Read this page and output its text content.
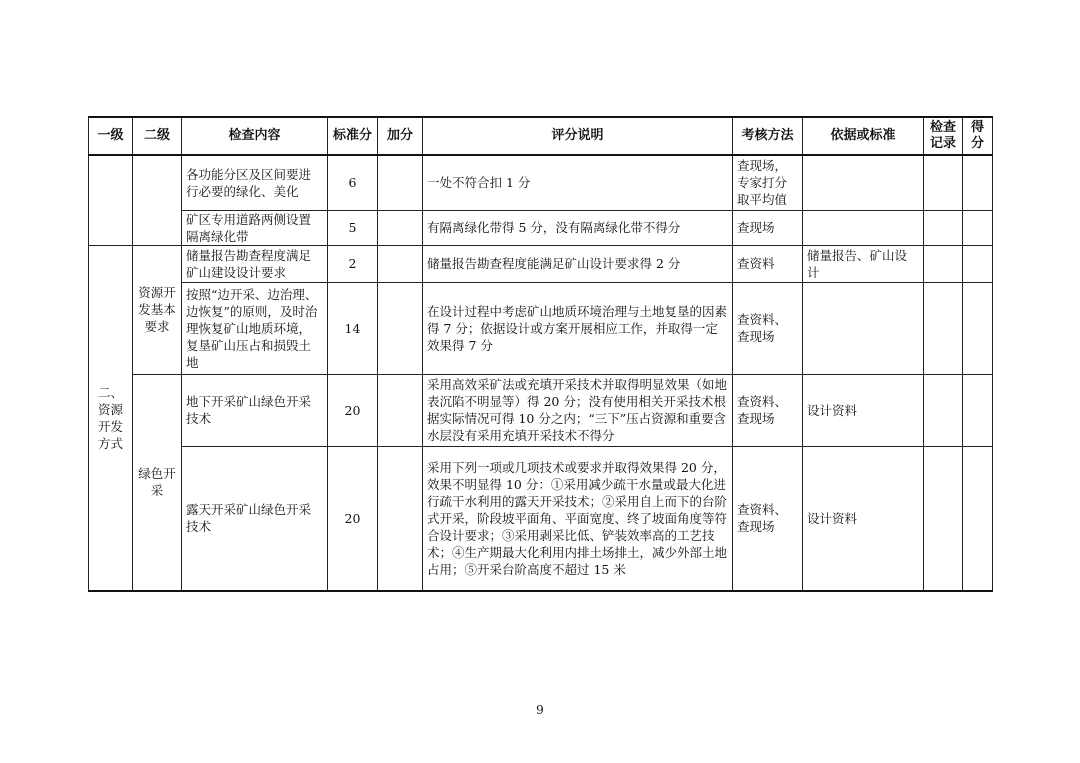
一级	二级	检查内容	标准分	加分	评分说明	考核方法	依据或标准	检查记录	得分
		各功能分区及区间要进行必要的绿化、美化	6		一处不符合扣 1 分	查现场，专家打分取平均值			
		矿区专用道路两侧设置隔离绿化带	5		有隔离绿化带得 5 分，没有隔离绿化带不得分	查现场			
二、资源开发方式	资源开发基本要求	储量报告勘查程度满足矿山建设设计要求	2		储量报告勘查程度能满足矿山设计要求得 2 分	查资料	储量报告、矿山设计		
		按照“边开采、边治理、边恢复”的原则，及时治理恢复矿山地质环境，复垦矿山压占和损毁土地	14		在设计过程中考虑矿山地质环境治理与土地复垦的因素得 7 分；依据设计或方案开展相应工作，并取得一定效果得 7 分	查资料、查现场			
	绿色开采	地下开采矿山绿色开采技术	20		采用高效采矿法或充填开采技术并取得明显效果（如地表沉陷不明显等）得 20 分；没有使用相关开采技术根据实际情况可得 10 分之内；“三下”压占资源和重要含水层没有采用充填开采技术不得分	查资料、查现场	设计资料		
		露天开采矿山绿色开采技术	20		采用下列一项或几项技术或要求并取得效果得 20 分，效果不明显得 10 分：①采用减少疏干水量或最大化进行疏干水利用的露天开采技术；②采用自上而下的台阶式开采，阶段坡平面角、平面宽度、终了坡面角度等符合设计要求；③采用剥采比低、铲装效率高的工艺技术；④生产期最大化利用内排土场排土，减少外部土地占用；⑤开采台阶高度不超过 15 米	查资料、查现场	设计资料		
9
